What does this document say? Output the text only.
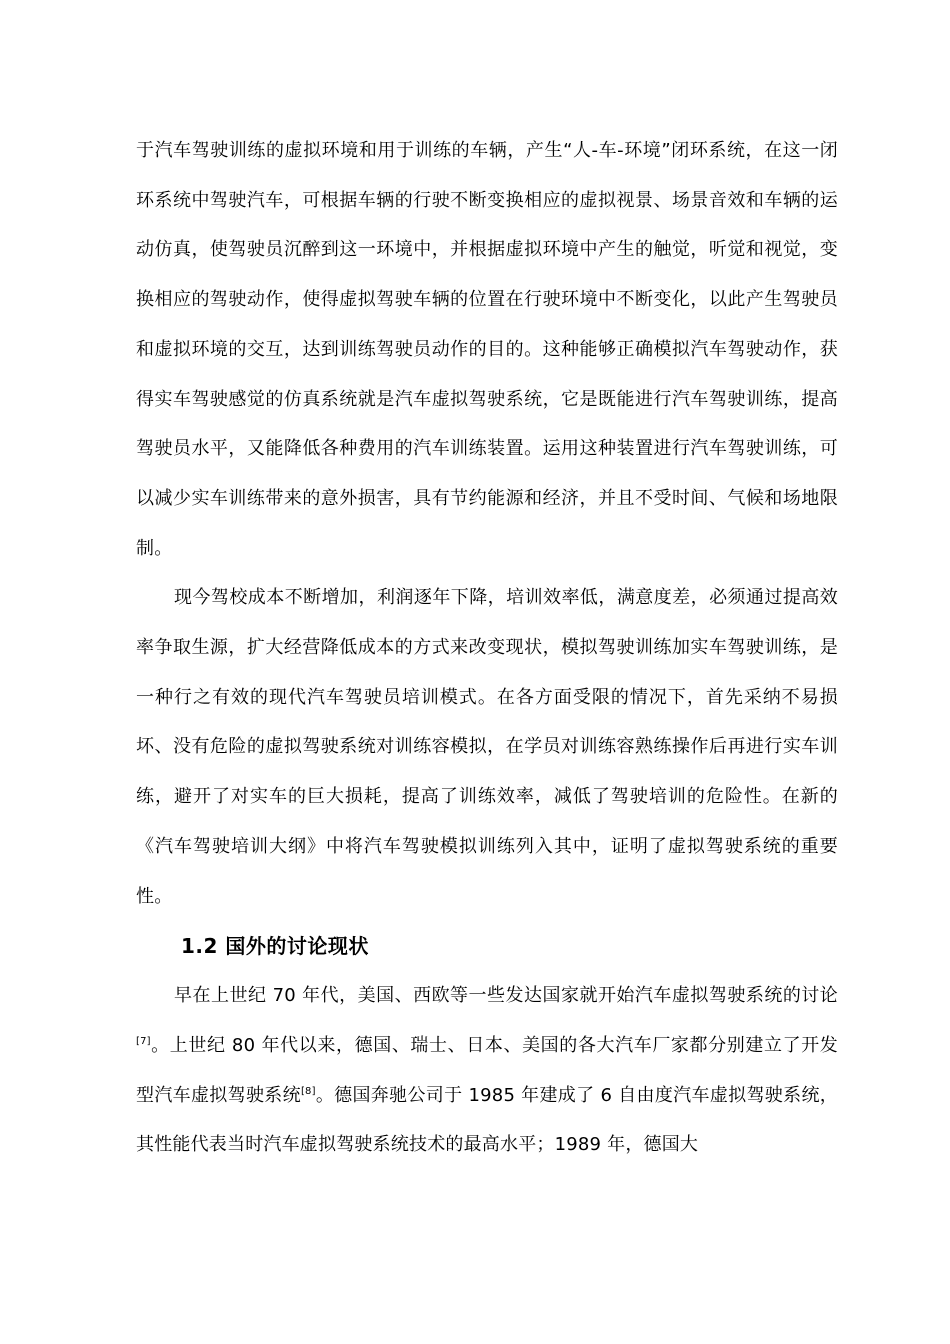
于汽车驾驶训练的虚拟环境和用于训练的车辆，产生“人-车-环境”闭环系统，在这一闭环系统中驾驶汽车，可根据车辆的行驶不断变换相应的虚拟视景、场景音效和车辆的运动仿真，使驾驶员沉醉到这一环境中，并根据虚拟环境中产生的触觉，听觉和视觉，变换相应的驾驶动作，使得虚拟驾驶车辆的位置在行驶环境中不断变化，以此产生驾驶员和虚拟环境的交互，达到训练驾驶员动作的目的。这种能够正确模拟汽车驾驶动作，获得实车驾驶感觉的仿真系统就是汽车虚拟驾驶系统，它是既能进行汽车驾驶训练，提高驾驶员水平，又能降低各种费用的汽车训练装置。运用这种装置进行汽车驾驶训练，可以减少实车训练带来的意外损害，具有节约能源和经济，并且不受时间、气候和场地限制。

现今驾校成本不断增加，利润逐年下降，培训效率低，满意度差，必须通过提高效率争取生源，扩大经营降低成本的方式来改变现状，模拟驾驶训练加实车驾驶训练，是一种行之有效的现代汽车驾驶员培训模式。在各方面受限的情况下，首先采纳不易损坏、没有危险的虚拟驾驶系统对训练容模拟，在学员对训练容熟练操作后再进行实车训练，避开了对实车的巨大损耗，提高了训练效率，减低了驾驶培训的危险性。在新的《汽车驾驶培训大纲》中将汽车驾驶模拟训练列入其中，证明了虚拟驾驶系统的重要性。

1.2 国外的讨论现状

早在上世纪 70 年代，美国、西欧等一些发达国家就开始汽车虚拟驾驶系统的讨论[7]。上世纪 80 年代以来，德国、瑞士、日本、美国的各大汽车厂家都分别建立了开发型汽车虚拟驾驶系统[8]。德国奔驰公司于 1985 年建成了 6 自由度汽车虚拟驾驶系统，其性能代表当时汽车虚拟驾驶系统技术的最高水平；1989 年，德国大
